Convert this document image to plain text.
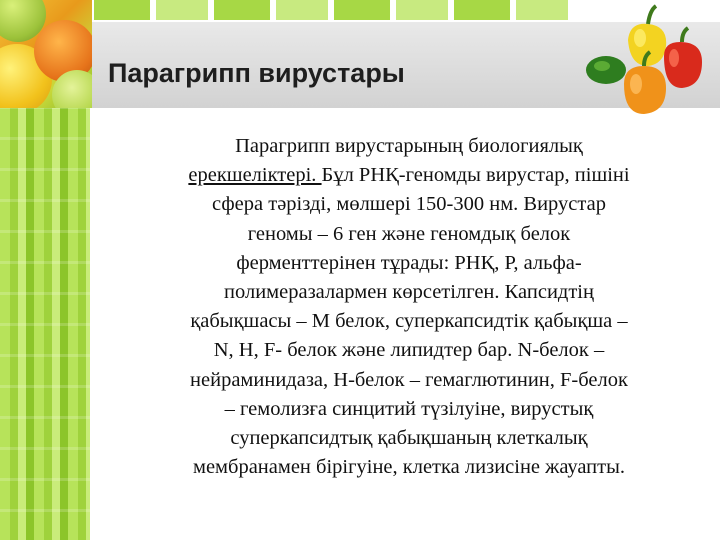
Парагрипп вирустары

Парагрипп вирустарының биологиялық
ерекшеліктері. Бұл РНҚ-геномды вирустар, пішіні
сфера тәрізді, мөлшері 150-300 нм. Вирустар
геномы – 6 ген және геномдық белок
ферменттерінен тұрады: РНҚ, Р, альфа-
полимеразалармен көрсетілген. Капсидтің
қабықшасы – М белок, суперкапсидтік қабықша –
N, H, F- белок және липидтер бар. N-белок –
нейраминидаза, H-белок – гемаглютинин, F-белок
– гемолизға синцитий түзілуіне, вирустық
суперкапсидтық қабықшаның клеткалық
мембранамен бірігуіне, клетка лизисіне жауапты.
